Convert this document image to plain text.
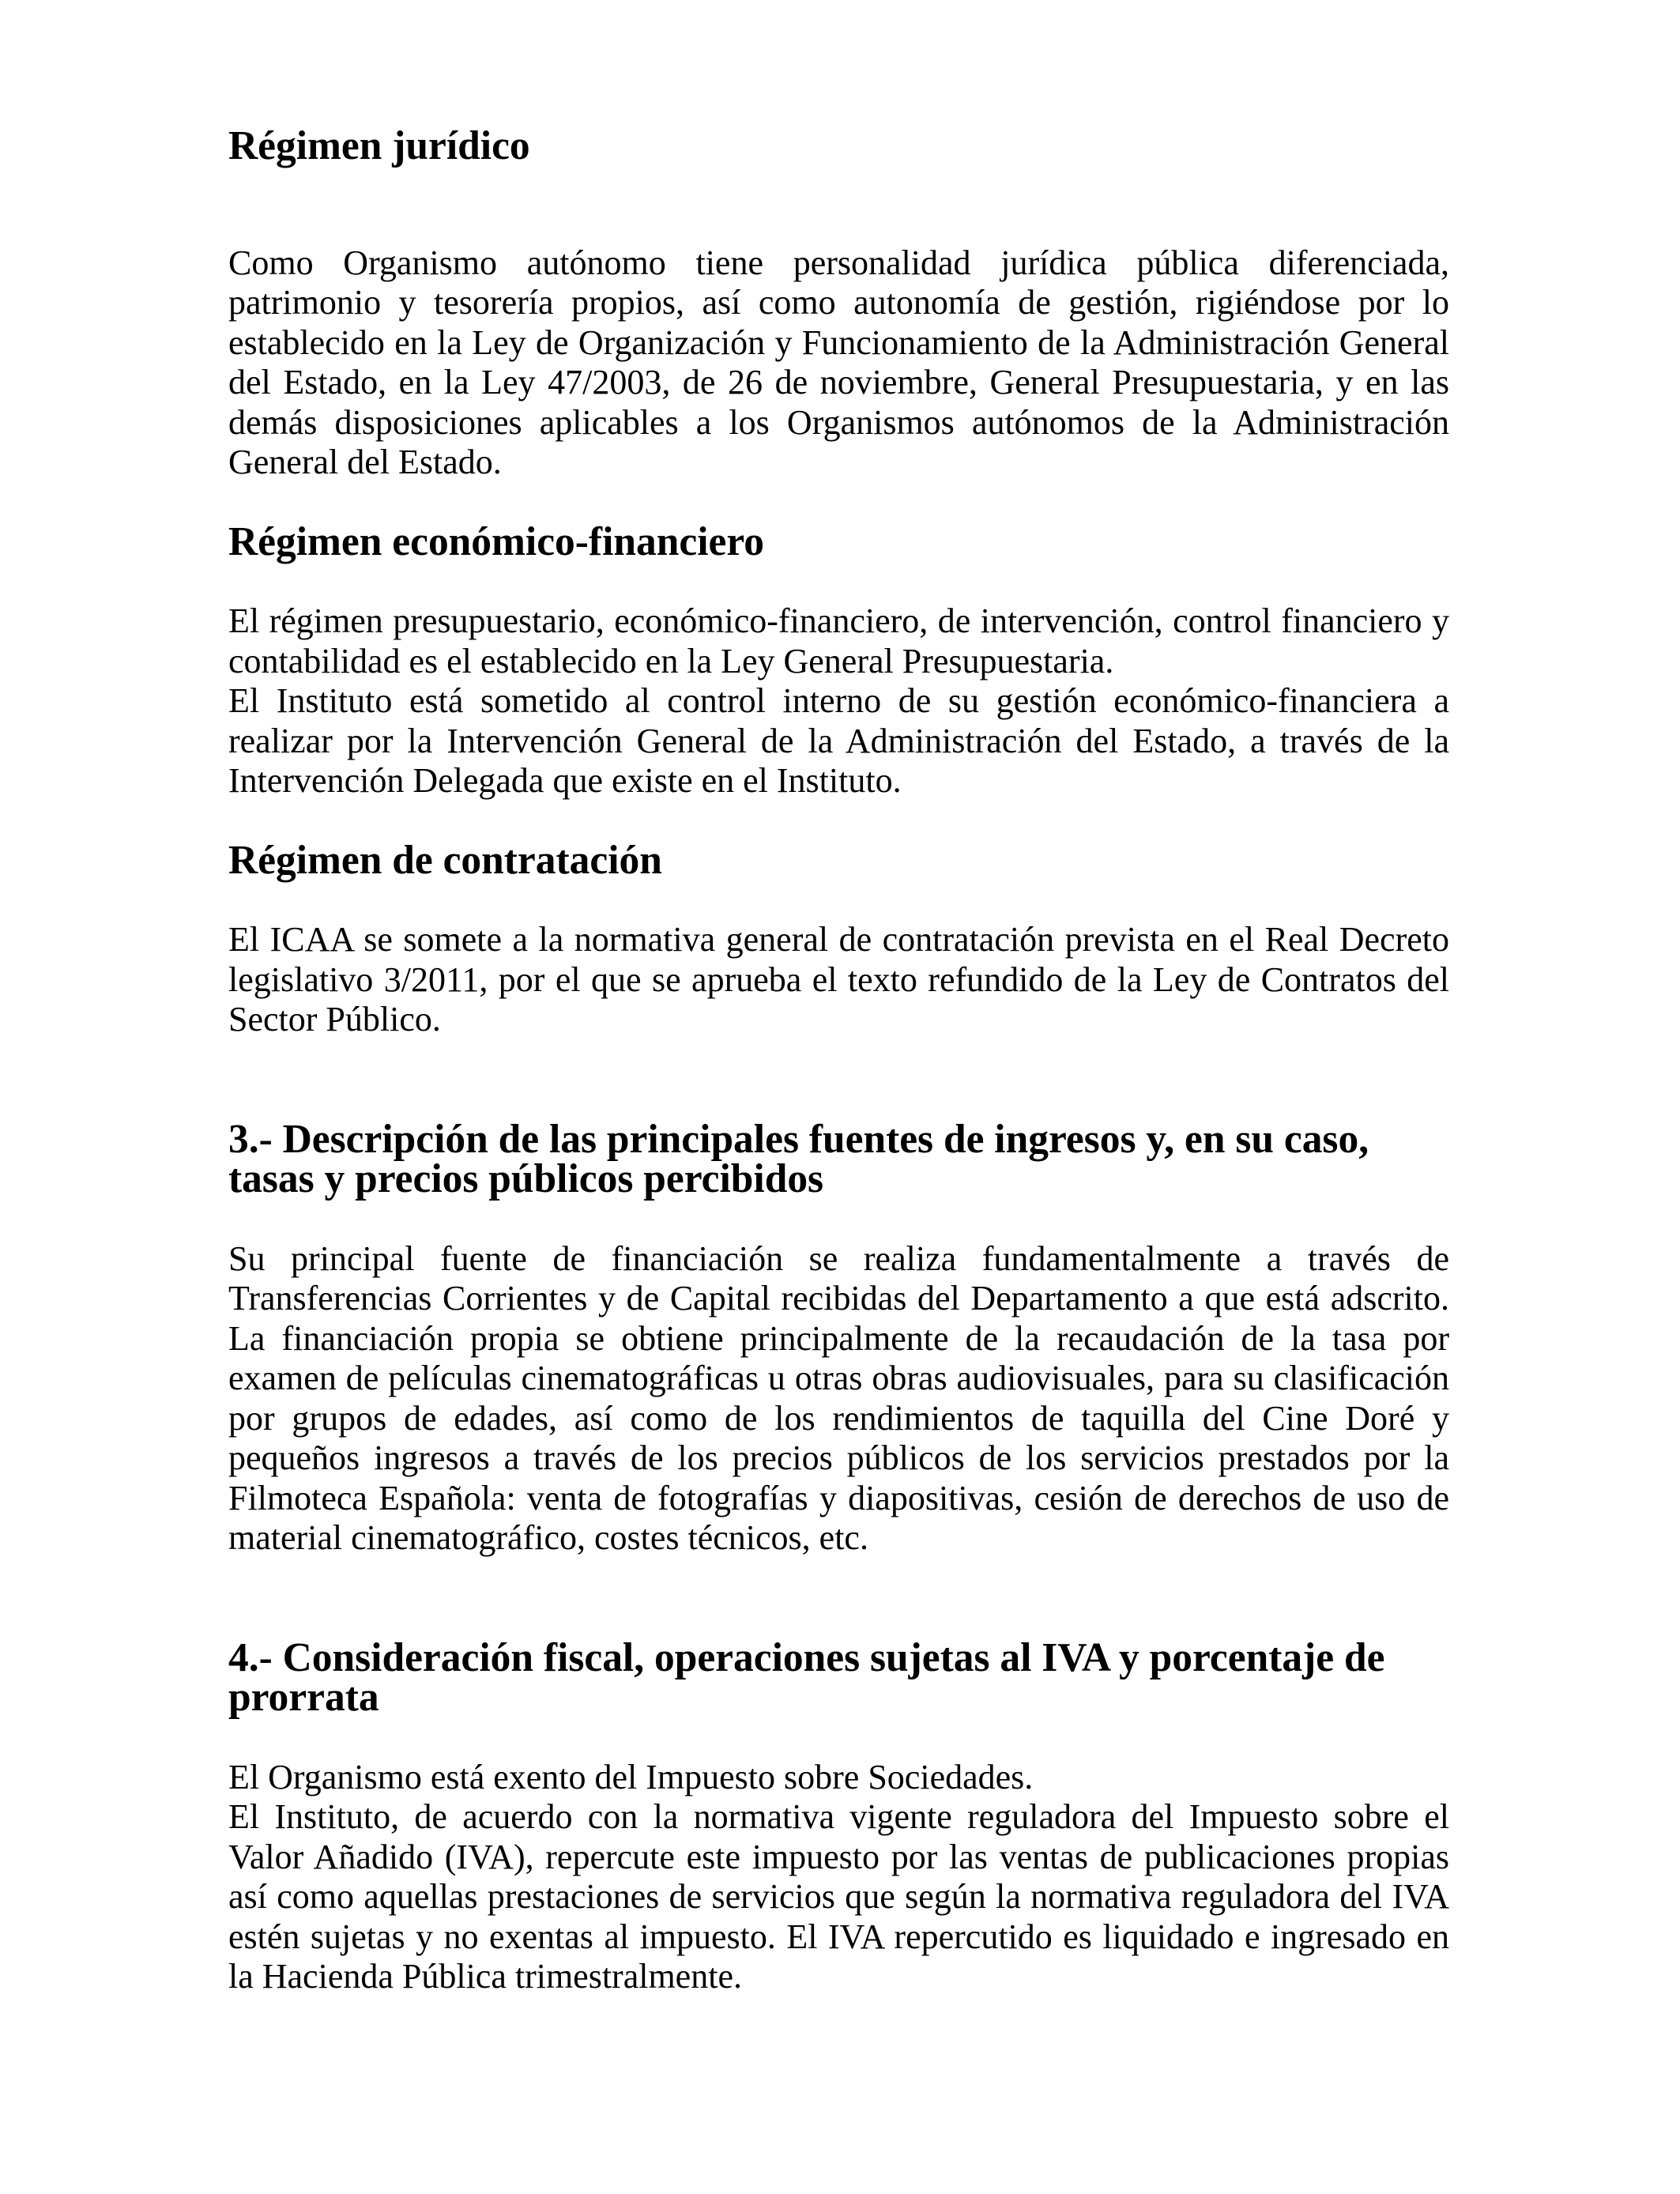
Régimen jurídico

Como Organismo autónomo tiene personalidad jurídica pública diferenciada, patrimonio y tesorería propios, así como autonomía de gestión, rigiéndose por lo establecido en la Ley de Organización y Funcionamiento de la Administración General del Estado, en la Ley 47/2003, de 26 de noviembre, General Presupuestaria, y en las demás disposiciones aplicables a los Organismos autónomos de la Administración General del Estado.

Régimen económico-financiero

El régimen presupuestario, económico-financiero, de intervención, control financiero y contabilidad es el establecido en la Ley General Presupuestaria.

El Instituto está sometido al control interno de su gestión económico-financiera a realizar por la Intervención General de la Administración del Estado, a través de la Intervención Delegada que existe en el Instituto.

Régimen de contratación

El ICAA se somete a la normativa general de contratación prevista en el Real Decreto legislativo 3/2011, por el que se aprueba el texto refundido de la Ley de Contratos del Sector Público.

3.- Descripción de las principales fuentes de ingresos y, en su caso, tasas y precios públicos percibidos

Su principal fuente de financiación se realiza fundamentalmente a través de Transferencias Corrientes y de Capital recibidas del Departamento a que está adscrito. La financiación propia se obtiene principalmente de la recaudación de la tasa por examen de películas cinematográficas u otras obras audiovisuales, para su clasificación por grupos de edades, así como de los rendimientos de taquilla del Cine Doré y pequeños ingresos a través de los precios públicos de los servicios prestados por la Filmoteca Española: venta de fotografías y diapositivas, cesión de derechos de uso de material cinematográfico, costes técnicos, etc.

4.- Consideración fiscal, operaciones sujetas al IVA y porcentaje de prorrata

El Organismo está exento del Impuesto sobre Sociedades.

El Instituto, de acuerdo con la normativa vigente reguladora del Impuesto sobre el Valor Añadido (IVA), repercute este impuesto por las ventas de publicaciones propias así como aquellas prestaciones de servicios que según la normativa reguladora del IVA estén sujetas y no exentas al impuesto. El IVA repercutido es liquidado e ingresado en la Hacienda Pública trimestralmente.
